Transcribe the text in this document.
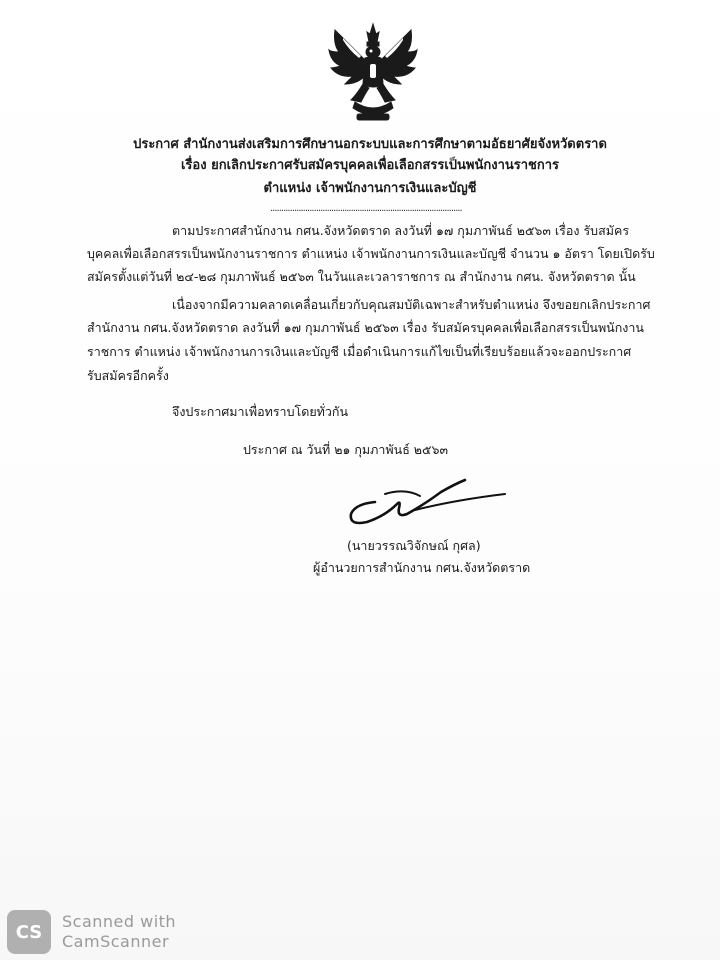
ประกาศ สำนักงานส่งเสริมการศึกษานอกระบบและการศึกษาตามอัธยาศัยจังหวัดตราด
เรื่อง ยกเลิกประกาศรับสมัครบุคคลเพื่อเลือกสรรเป็นพนักงานราชการ
ตำแหน่ง เจ้าพนักงานการเงินและบัญชี
........................................................................................
ตามประกาศสำนักงาน กศน.จังหวัดตราด ลงวันที่ ๑๗ กุมภาพันธ์ ๒๕๖๓ เรื่อง รับสมัคร
บุคคลเพื่อเลือกสรรเป็นพนักงานราชการ ตำแหน่ง เจ้าพนักงานการเงินและบัญชี จำนวน ๑ อัตรา โดยเปิดรับ
สมัครตั้งแต่วันที่ ๒๔-๒๘ กุมภาพันธ์ ๒๕๖๓ ในวันและเวลาราชการ ณ สำนักงาน กศน. จังหวัดตราด นั้น
เนื่องจากมีความคลาดเคลื่อนเกี่ยวกับคุณสมบัติเฉพาะสำหรับตำแหน่ง จึงขอยกเลิกประกาศ
สำนักงาน กศน.จังหวัดตราด ลงวันที่ ๑๗ กุมภาพันธ์ ๒๕๖๓ เรื่อง รับสมัครบุคคลเพื่อเลือกสรรเป็นพนักงาน
ราชการ ตำแหน่ง เจ้าพนักงานการเงินและบัญชี เมื่อดำเนินการแก้ไขเป็นที่เรียบร้อยแล้วจะออกประกาศ
รับสมัครอีกครั้ง
จึงประกาศมาเพื่อทราบโดยทั่วกัน
ประกาศ ณ วันที่ ๒๑ กุมภาพันธ์ ๒๕๖๓
(นายวรรณวิจักษณ์ กุศล)
ผู้อำนวยการสำนักงาน กศน.จังหวัดตราด
CS	Scanned with
CamScanner
